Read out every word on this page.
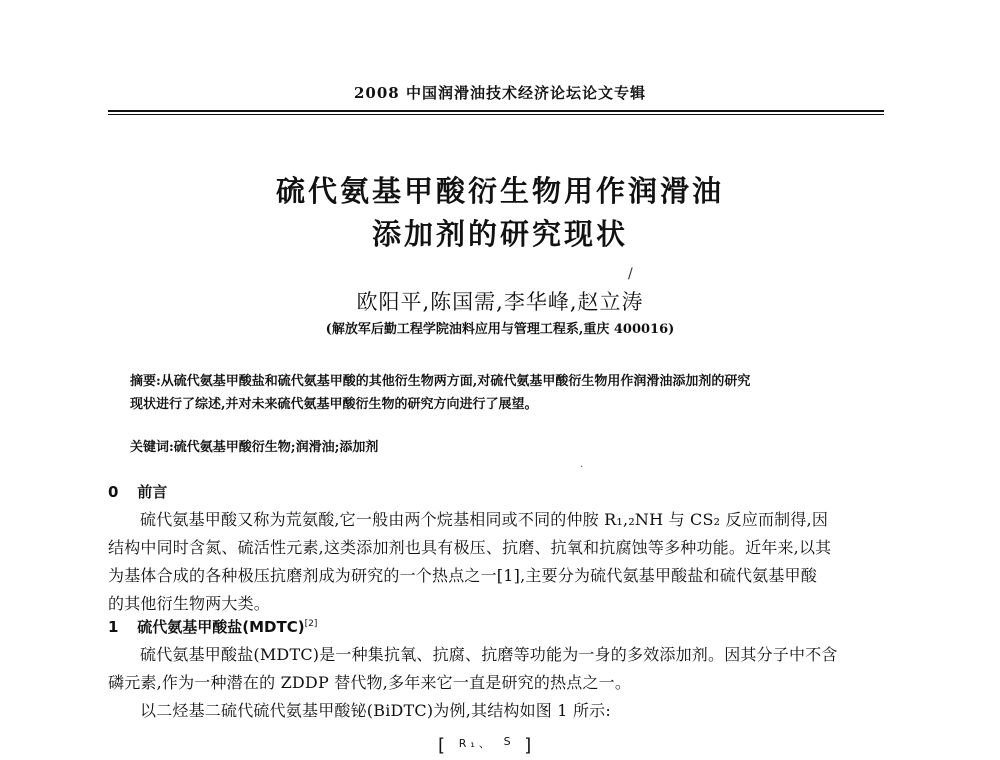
2008 中国润滑油技术经济论坛论文专辑
硫代氨基甲酸衍生物用作润滑油
添加剂的研究现状
/
欧阳平,陈国需,李华峰,赵立涛
(解放军后勤工程学院油料应用与管理工程系,重庆 400016)
摘要:从硫代氨基甲酸盐和硫代氨基甲酸的其他衍生物两方面,对硫代氨基甲酸衍生物用作润滑油添加剂的研究
现状进行了综述,并对未来硫代氨基甲酸衍生物的研究方向进行了展望。
关键词:硫代氨基甲酸衍生物;润滑油;添加剂
·
0 前言
硫代氨基甲酸又称为荒氨酸,它一般由两个烷基相同或不同的仲胺 R₁,₂NH 与 CS₂ 反应而制得,因
结构中同时含氮、硫活性元素,这类添加剂也具有极压、抗磨、抗氧和抗腐蚀等多种功能。近年来,以其
为基体合成的各种极压抗磨剂成为研究的一个热点之一[1],主要分为硫代氨基甲酸盐和硫代氨基甲酸
的其他衍生物两大类。
1 硫代氨基甲酸盐(MDTC)[2]
硫代氨基甲酸盐(MDTC)是一种集抗氧、抗腐、抗磨等功能为一身的多效添加剂。因其分子中不含
磷元素,作为一种潜在的 ZDDP 替代物,多年来它一直是研究的热点之一。
以二烃基二硫代硫代氨基甲酸铋(BiDTC)为例,其结构如图 1 所示:
[ $^{R_1、}$ $^S$ ]
